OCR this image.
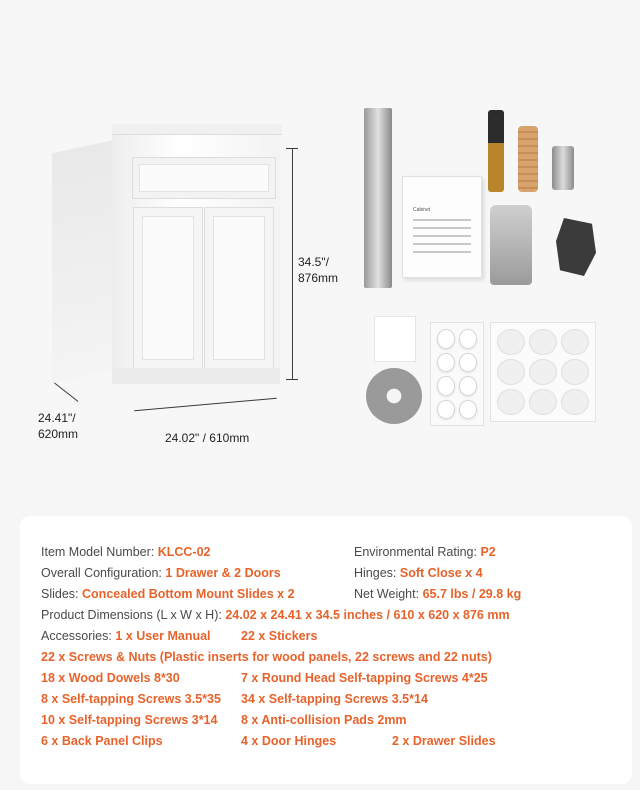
34.5"/
876mm
24.41"/
620mm	24.02" / 610mm
Cabinet
Item Model Number: KLCC-02	Environmental Rating: P2
Overall Configuration: 1 Drawer & 2 Doors	Hinges: Soft Close x 4
Slides: Concealed Bottom Mount Slides x 2	Net Weight: 65.7 lbs / 29.8 kg
Product Dimensions (L x W x H): 24.02 x 24.41 x 34.5 inches / 610 x 620 x 876 mm
Accessories: 1 x User Manual 22 x Stickers
22 x Screws & Nuts (Plastic inserts for wood panels, 22 screws and 22 nuts)
18 x Wood Dowels 8*30	7 x Round Head Self-tapping Screws 4*25
8 x Self-tapping Screws 3.5*35 34 x Self-tapping Screws 3.5*14
10 x Self-tapping Screws 3*14 8 x Anti-collision Pads 2mm
6 x Back Panel Clips	4 x Door Hinges	2 x Drawer Slides
